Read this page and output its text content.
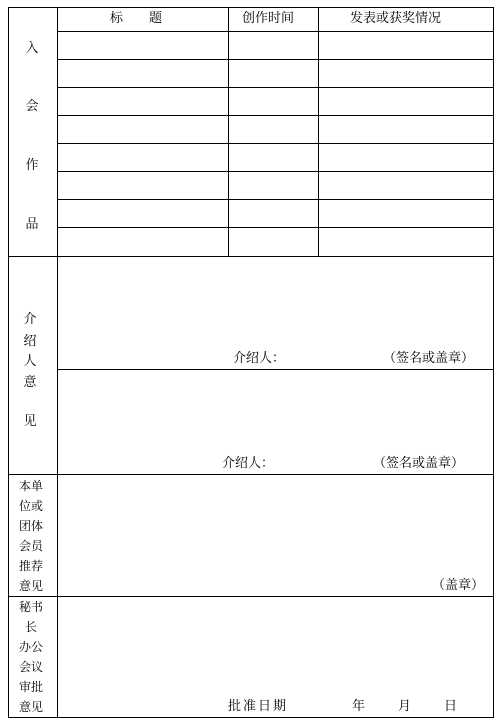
标　　题	创作时间	发表或获奖情况
入
会
作
品
介
绍
人
意
见
介绍人：	（签名或盖章）
介绍人：	（签名或盖章）
本单
位或
团体
会员
推荐
意见	（盖章）
秘书
长
办公
会议
审批
意见	批准日期	年	月	日
